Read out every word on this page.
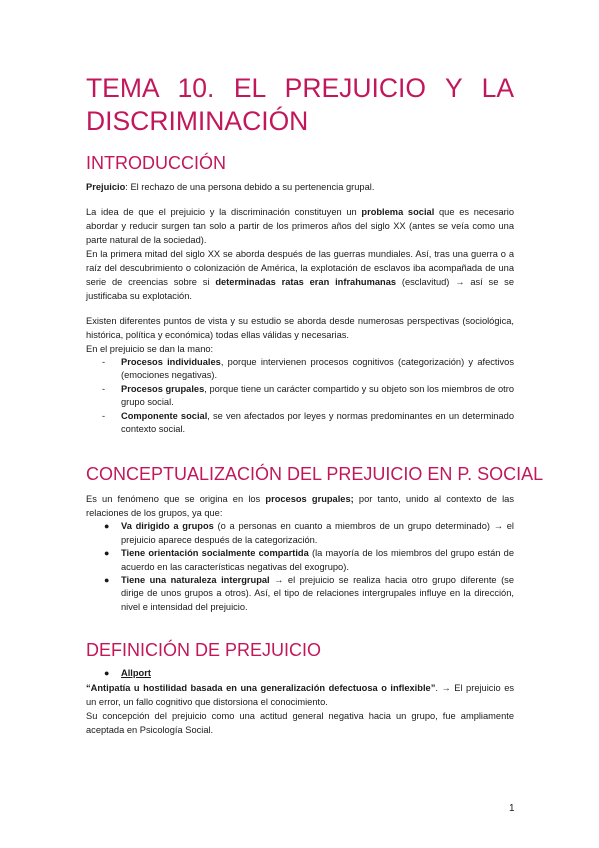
TEMA 10. EL PREJUICIO Y LA
DISCRIMINACIÓN
INTRODUCCIÓN

Prejuicio: El rechazo de una persona debido a su pertenencia grupal.

La idea de que el prejuicio y la discriminación constituyen un problema social que es necesario abordar y reducir surgen tan solo a partir de los primeros años del siglo XX (antes se veía como una parte natural de la sociedad).

En la primera mitad del siglo XX se aborda después de las guerras mundiales. Así, tras una guerra o a raíz del descubrimiento o colonización de América, la explotación de esclavos iba acompañada de una serie de creencias sobre si determinadas ratas eran infrahumanas (esclavitud) → así se se justificaba su explotación.

Existen diferentes puntos de vista y su estudio se aborda desde numerosas perspectivas (sociológica, histórica, política y económica) todas ellas válidas y necesarias.

En el prejuicio se dan la mano:

- Procesos individuales, porque intervienen procesos cognitivos (categorización) y afectivos (emociones negativas).
- Procesos grupales, porque tiene un carácter compartido y su objeto son los miembros de otro grupo social.
- Componente social, se ven afectados por leyes y normas predominantes en un determinado contexto social.
CONCEPTUALIZACIÓN DEL PREJUICIO EN P. SOCIAL

Es un fenómeno que se origina en los procesos grupales; por tanto, unido al contexto de las relaciones de los grupos, ya que:

● Va dirigido a grupos (o a personas en cuanto a miembros de un grupo determinado) → el prejuicio aparece después de la categorización.
● Tiene orientación socialmente compartida (la mayoría de los miembros del grupo están de acuerdo en las características negativas del exogrupo).
● Tiene una naturaleza intergrupal → el prejuicio se realiza hacia otro grupo diferente (se dirige de unos grupos a otros). Así, el tipo de relaciones intergrupales influye en la dirección, nivel e intensidad del prejuicio.
DEFINICIÓN DE PREJUICIO
● Allport

“Antipatía u hostilidad basada en una generalización defectuosa o inflexible”. → El prejuicio es un error, un fallo cognitivo que distorsiona el conocimiento.

Su concepción del prejuicio como una actitud general negativa hacia un grupo, fue ampliamente aceptada en Psicología Social.

1
